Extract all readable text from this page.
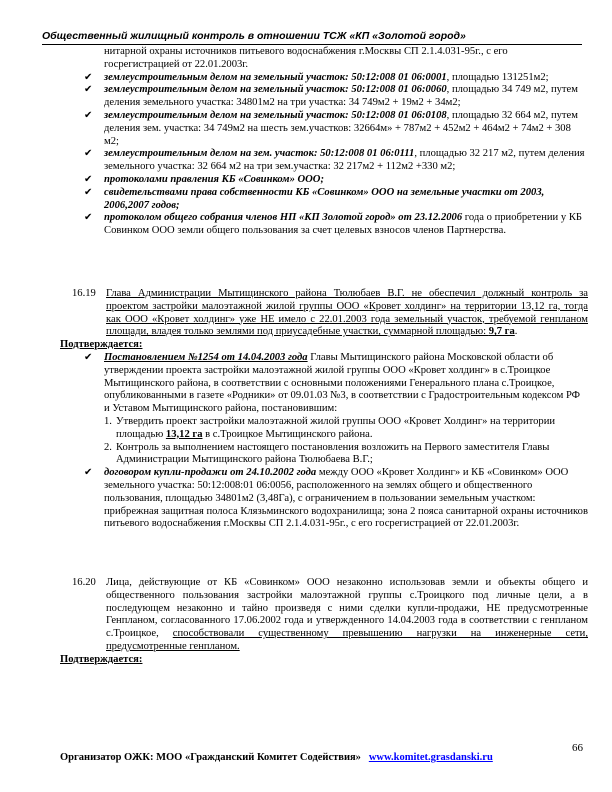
Общественный жилищный контроль в отношении ТСЖ «КП «Золотой город»
нитарной охраны источников питьевого водоснабжения г.Москвы СП 2.1.4.031-95г., с его
госрегистрацией от 22.01.2003г.
✔ землеустроительным делом на земельный участок: 50:12:008 01 06:0001, площадью 131251м2;
✔ землеустроительным делом на земельный участок: 50:12:008 01 06:0060, площадью 34 749 м2, путем деления земельного участка: 34801м2 на три участка: 34 749м2 + 19м2 + 34м2;
✔ землеустроительным делом на земельный участок: 50:12:008 01 06:0108, площадью 32 664 м2, путем деления зем. участка: 34 749м2 на шесть зем.участков: 32664м» + 787м2 + 452м2 + 464м2 + 74м2 + 308 м2;
✔ землеустроительным делом на зем. участок: 50:12:008 01 06:0111, площадью 32 217 м2, путем деления земельного участка: 32 664 м2 на три зем.участка: 32 217м2 + 112м2 +330 м2;
✔ протоколами правления КБ «Совинком» ООО;
✔ свидетельствами права собственности КБ «Совинком» ООО на земельные участки от 2003, 2006,2007 годов;
✔ протоколом общего собрания членов НП «КП Золотой город» от 23.12.2006 года о приобретении у КБ Совинком ООО земли общего пользования за счет целевых взносов членов Партнерства.
16.19 Глава Администрации Мытищинского района Тюлюбаев В.Г. не обеспечил должный контроль за проектом застройки малоэтажной жилой группы ООО «Кровет холдинг» на территории 13,12 га, тогда как ООО «Кровет холдинг» уже НЕ имело с 22.01.2003 года земельный участок, требуемой генпланом площади, владея только землями под приусадебные участки, суммарной площадью: 9,7 га.
Подтверждается:
✔ Постановлением №1254 от 14.04.2003 года Главы Мытищинского района Московской области об утверждении проекта застройки малоэтажной жилой группы ООО «Кровет холдинг» в с.Троицкое Мытищинского района, в соответствии с основными положениями Генерального плана с.Троицкое, опубликованными в газете «Родники» от 09.01.03 №3, в соответствии с Градостроительным кодексом РФ и Уставом Мытищинского района, постановившим:
1. Утвердить проект застройки малоэтажной жилой группы ООО «Кровет Холдинг» на территории площадью 13,12 га в с.Троицкое Мытищинского района.
2. Контроль за выполнением настоящего постановления возложить на Первого заместителя Главы Администрации Мытищинского района Тюлюбаева В.Г.;
✔ договором купли-продажи от 24.10.2002 года между ООО «Кровет Холдинг» и КБ «Совинком» ООО земельного участка: 50:12:008:01 06:0056, расположенного на землях общего и общественного пользования, площадью 34801м2 (3,48Га), с ограничением в пользовании земельным участком: прибрежная защитная полоса Клязьминского водохранилища; зона 2 пояса санитарной охраны источников питьевого водоснабжения г.Москвы СП 2.1.4.031-95г., с его госрегистрацией от 22.01.2003г.
16.20 Лица, действующие от КБ «Совинком» ООО незаконно использовав земли и объекты общего и общественного пользования застройки малоэтажной группы с.Троицкого под личные цели, а в последующем незаконно и тайно произведя с ними сделки купли-продажи, НЕ предусмотренные Генпланом, согласованного 17.06.2002 года и утвержденного 14.04.2003 года в соответствии с генпланом с.Троицкое, способствовали существенному превышению нагрузки на инженерные сети, предусмотренные генпланом.
Подтверждается:
66
Организатор ОЖК: МОО «Гражданский Комитет Содействия» www.komitet.grasdanski.ru
